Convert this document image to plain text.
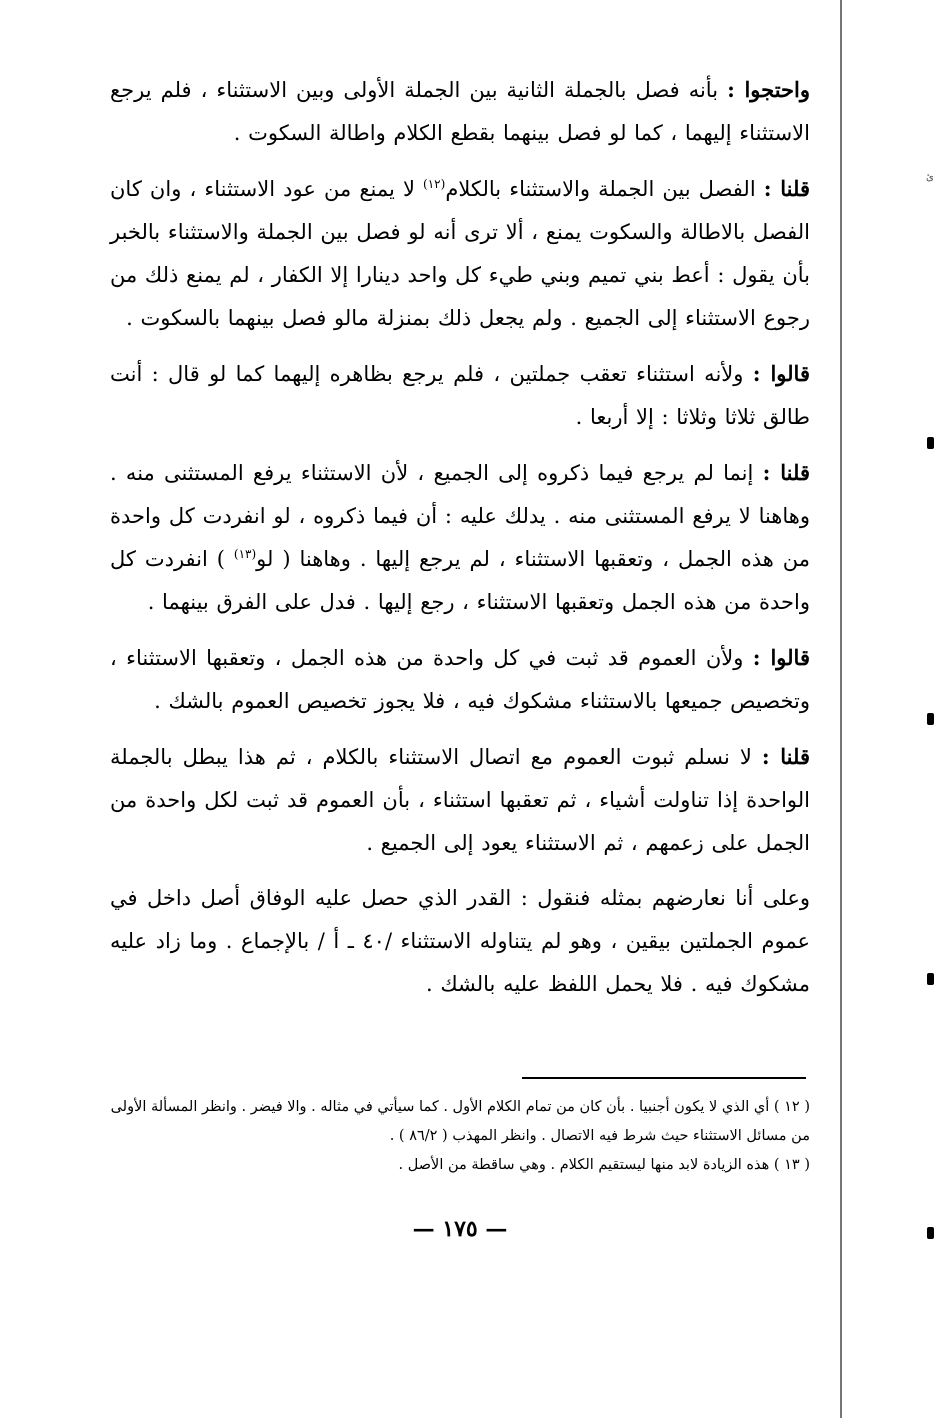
ئ

واحتجوا : بأنه فصل بالجملة الثانية بين الجملة الأولى وبين الاستثناء ، فلم يرجع الاستثناء إليهما ، كما لو فصل بينهما بقطع الكلام واطالة السكوت .

قلنا : الفصل بين الجملة والاستثناء بالكلام$^{(١٢)}$ لا يمنع من عود الاستثناء ، وان كان الفصل بالاطالة والسكوت يمنع ، ألا ترى أنه لو فصل بين الجملة والاستثناء بالخبر بأن يقول : أعط بني تميم وبني طيء كل واحد دينارا إلا الكفار ، لم يمنع ذلك من رجوع الاستثناء إلى الجميع . ولم يجعل ذلك بمنزلة مالو فصل بينهما بالسكوت .

قالوا : ولأنه استثناء تعقب جملتين ، فلم يرجع بظاهره إليهما كما لو قال : أنت طالق ثلاثا وثلاثا : إلا أربعا .

قلنا : إنما لم يرجع فيما ذكروه إلى الجميع ، لأن الاستثناء يرفع المستثنى منه . وهاهنا لا يرفع المستثنى منه . يدلك عليه : أن فيما ذكروه ، لو انفردت كل واحدة من هذه الجمل ، وتعقبها الاستثناء ، لم يرجع إليها . وهاهنا ( لو$^{(١٣)}$ ) انفردت كل واحدة من هذه الجمل وتعقبها الاستثناء ، رجع إليها . فدل على الفرق بينهما .

قالوا : ولأن العموم قد ثبت في كل واحدة من هذه الجمل ، وتعقبها الاستثناء ، وتخصيص جميعها بالاستثناء مشكوك فيه ، فلا يجوز تخصيص العموم بالشك .

قلنا : لا نسلم ثبوت العموم مع اتصال الاستثناء بالكلام ، ثم هذا يبطل بالجملة الواحدة إذا تناولت أشياء ، ثم تعقبها استثناء ، بأن العموم قد ثبت لكل واحدة من الجمل على زعمهم ، ثم الاستثناء يعود إلى الجميع .

وعلى أنا نعارضهم بمثله فنقول : القدر الذي حصل عليه الوفاق أصل داخل في عموم الجملتين بيقين ، وهو لم يتناوله الاستثناء /٤٠ ـ أ / بالإجماع . وما زاد عليه مشكوك فيه . فلا يحمل اللفظ عليه بالشك .

( ١٢ ) أي الذي لا يكون أجنبيا . بأن كان من تمام الكلام الأول . كما سيأتي في مثاله . والا فيضر . وانظر المسألة الأولى من مسائل الاستثناء حيث شرط فيه الاتصال . وانظر المهذب ( ٨٦/٢ ) .

( ١٣ ) هذه الزيادة لابد منها ليستقيم الكلام . وهي ساقطة من الأصل .

— ١٧٥ —
